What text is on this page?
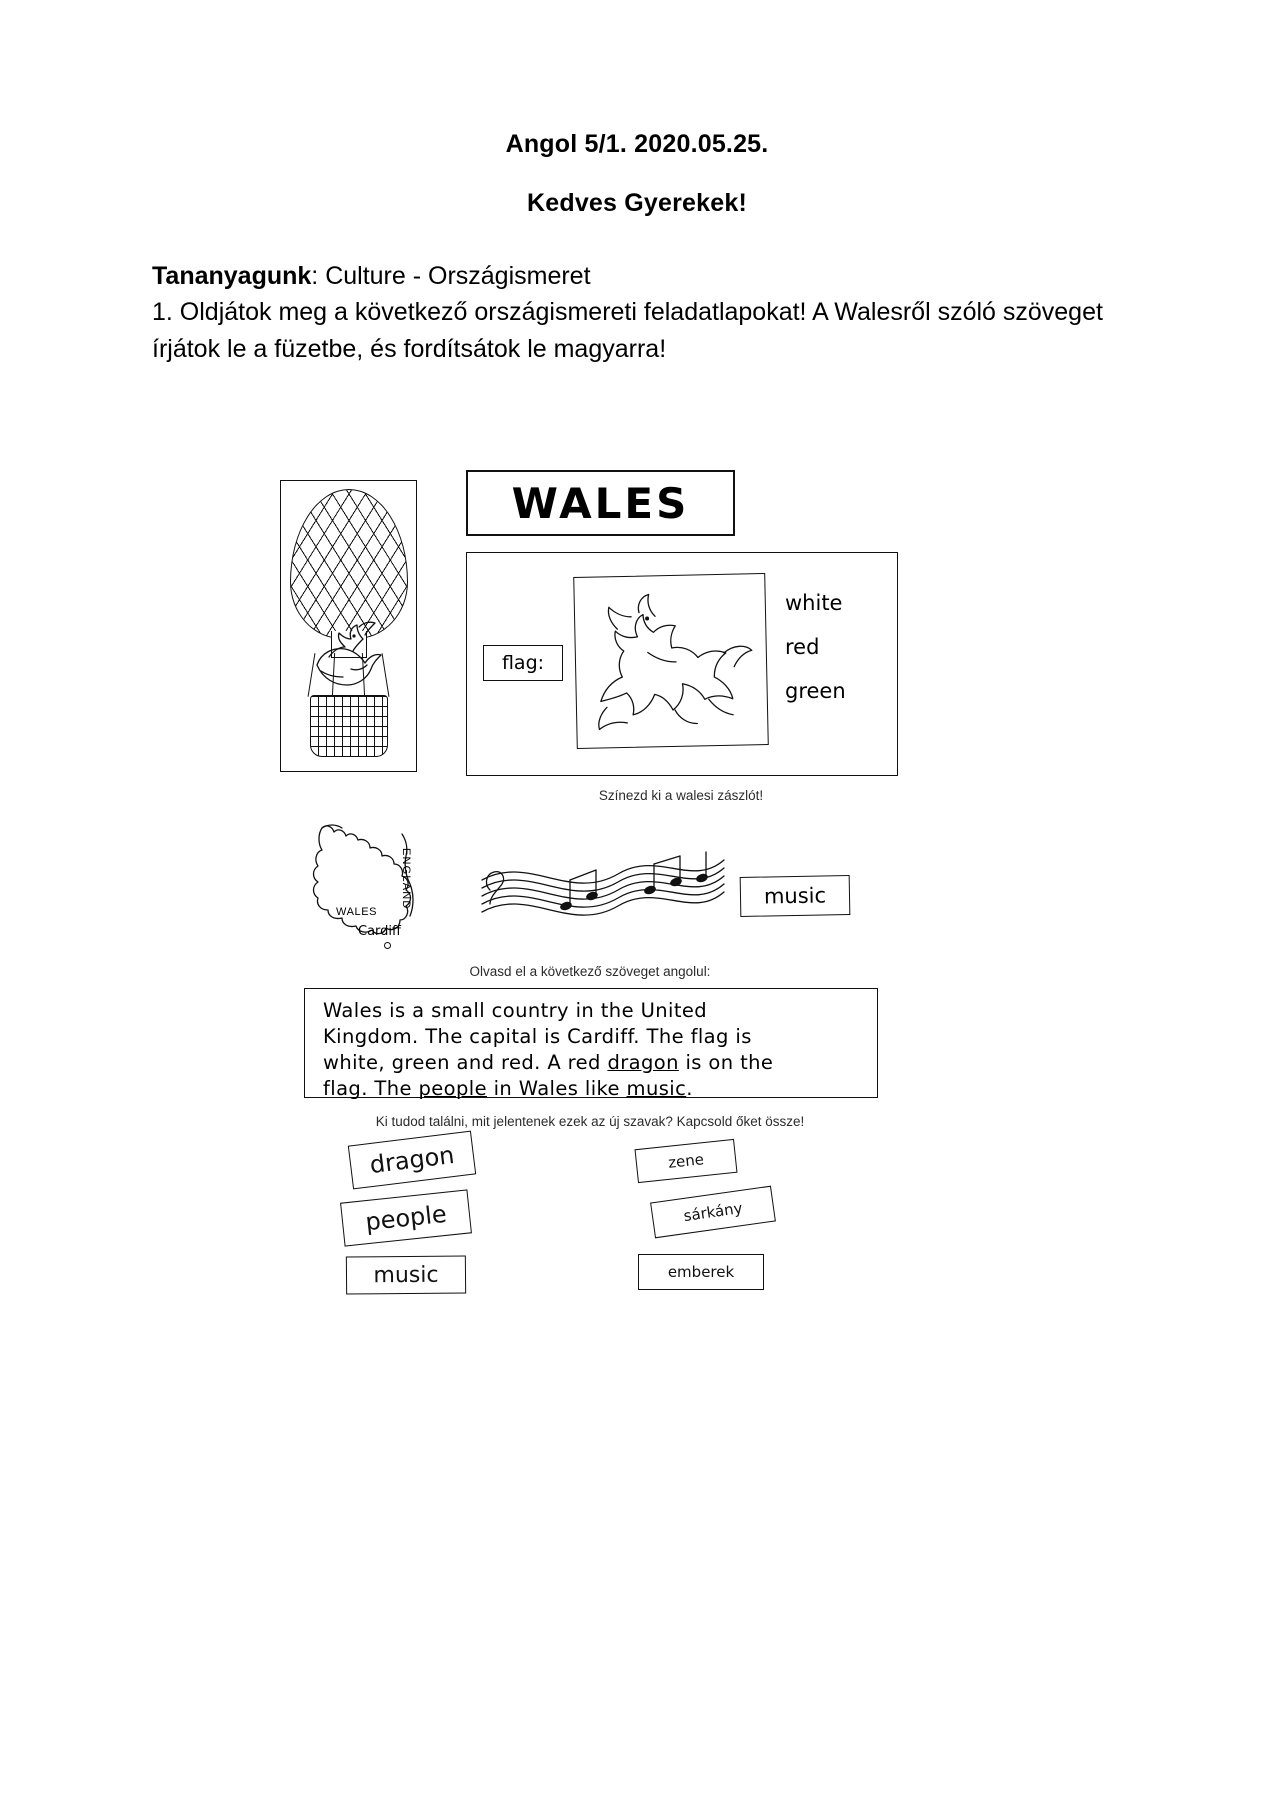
Angol 5/1. 2020.05.25.

Kedves Gyerekek!

Tananyagunk: Culture - Országismeret

1. Oldjátok meg a következő országismereti feladatlapokat! A Walesről szóló szöveget írjátok le a füzetbe, és fordítsátok le magyarra!

WALES
flag:
white
red
green
Színezd ki a walesi zászlót!
WALES
Cardiff
ENGLAND	music
Olvasd el a következő szöveget angolul:
Wales is a small country in the United
Kingdom. The capital is Cardiff. The flag is
white, green and red. A red dragon is on the
flag. The people in Wales like music.
Ki tudod találni, mit jelentenek ezek az új szavak? Kapcsold őket össze!
dragon
people
music
zene
sárkány
emberek
